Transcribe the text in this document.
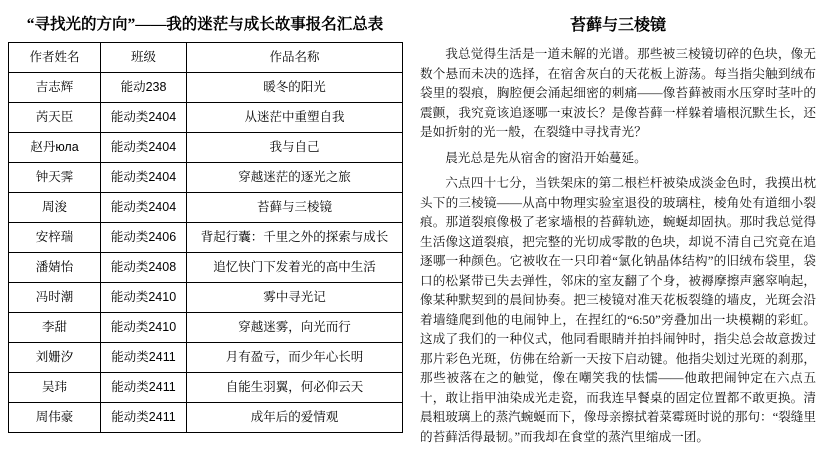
“寻找光的方向”——我的迷茫与成长故事报名汇总表
作者姓名	班级	作品名称
吉志辉	能动238	暖冬的阳光
芮天臣	能动类2404	从迷茫中重塑自我
赵丹юла	能动类2404	我与自己
钟天霁	能动类2404	穿越迷茫的逐光之旅
周浚	能动类2404	苔藓与三棱镜
安梓瑞	能动类2406	背起行囊：千里之外的探索与成长
潘婧怡	能动类2408	追忆快门下发着光的高中生活
冯时潮	能动类2410	雾中寻光记
李甜	能动类2410	穿越迷雾，向光而行
刘姗汐	能动类2411	月有盈亏，而少年心长明
吴玮	能动类2411	自能生羽翼，何必仰云天
周伟豪	能动类2411	成年后的爱情观
苔藓与三棱镜

我总觉得生活是一道未解的光谱。那些被三棱镜切碎的色块，像无数个悬而未决的选择，在宿舍灰白的天花板上游荡。每当指尖触到绒布袋里的裂痕，胸腔便会涌起细密的刺痛——像苔藓被雨水压穿时茎叶的震颤，我究竟该追逐哪一束波长？是像苔藓一样躲着墙根沉默生长，还是如折射的光一般，在裂缝中寻找青光？

晨光总是先从宿舍的窗沿开始蔓延。

六点四十七分，当铁架床的第二根栏杆被染成淡金色时，我摸出枕头下的三棱镜——从高中物理实验室退役的玻璃柱，棱角处有道细小裂痕。那道裂痕像极了老家墙根的苔藓轨迹，蜿蜒却固执。那时我总觉得生活像这道裂痕，把完整的光切成零散的色块，却说不清自己究竟在追逐哪一种颜色。它被收在一只印着“氯化钠晶体结构”的旧绒布袋里，袋口的松紧带已失去弹性，邻床的室友翻了个身，被褥摩擦声窸窣响起，像某种默契到的晨间协奏。把三棱镜对准天花板裂缝的墙皮，光斑会沿着墙缝爬到他的电闹钟上，在捏红的“6:50”旁叠加出一块模糊的彩虹。这成了我们的一种仪式，他同看眼睛并拍抖闹钟时，指尖总会故意拨过那片彩色光斑，仿佛在给新一天按下启动键。他指尖划过光斑的刹那，那些被落在之的触觉，像在嘲笑我的怯懦——他敢把闹钟定在六点五十，敢让指甲油染成光走瓷，而我连早餐桌的固定位置都不敢更换。清晨粗玻璃上的蒸汽蜿蜒而下，像母亲擦拭着菜霉斑时说的那句：“裂缝里的苔藓活得最韧。”而我却在食堂的蒸汽里缩成一团。
